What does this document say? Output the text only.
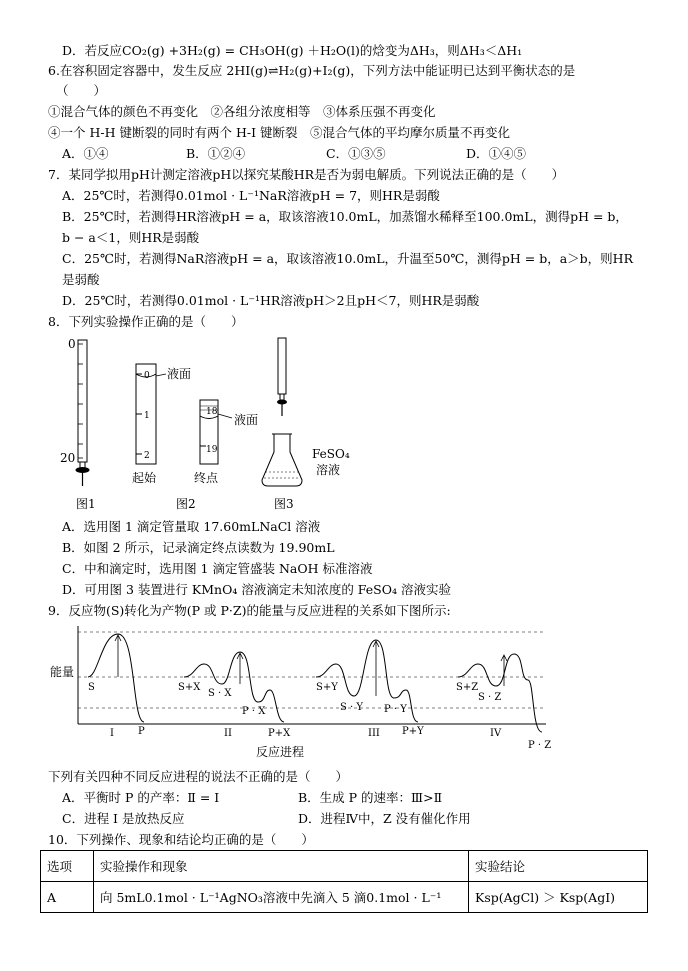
D．若反应CO₂(g) +3H₂(g) = CH₃OH(g) ＋H₂O(l)的焓变为ΔH₃，则ΔH₃＜ΔH₁
6.在容积固定容器中，发生反应 2HI(g)⇌H₂(g)+I₂(g)，下列方法中能证明已达到平衡状态的是
（　　）
①混合气体的颜色不再变化　②各组分浓度相等　③体系压强不再变化
④一个 H-H 键断裂的同时有两个 H-I 键断裂　⑤混合气体的平均摩尔质量不再变化
A．①④	B．①②④	C．①③⑤	D．①④⑤
7．某同学拟用pH计测定溶液pH以探究某酸HR是否为弱电解质。下列说法正确的是（　　）
A．25℃时，若测得0.01mol · L⁻¹NaR溶液pH = 7，则HR是弱酸
B．25℃时，若测得HR溶液pH = a，取该溶液10.0mL，加蒸馏水稀释至100.0mL，测得pH = b，
b − a＜1，则HR是弱酸
C．25℃时，若测得NaR溶液pH = a，取该溶液10.0mL，升温至50℃，测得pH = b，a＞b，则HR
是弱酸
D．25℃时，若测得0.01mol · L⁻¹HR溶液pH＞2且pH＜7，则HR是弱酸
8．下列实验操作正确的是（　　）
0
20
图1
0
1
2
液面
起始
18
19
液面
终点
图2
FeSO₄
溶液
图3
A．选用图 1 滴定管量取 17.60mLNaCl 溶液
B．如图 2 所示，记录滴定终点读数为 19.90mL
C．中和滴定时，选用图 1 滴定管盛装 NaOH 标准溶液
D．可用图 3 装置进行 KMnO₄ 溶液滴定未知浓度的 FeSO₄ 溶液实验
9．反应物(S)转化为产物(P 或 P·Z)的能量与反应进程的关系如下图所示:
能量
反应进程
S
P
I
S+X
S · X
P · X
P+X
II
S+Y
S · Y P · Y
P+Y
III
S+Z
S · Z
P · Z
IV
下列有关四种不同反应进程的说法不正确的是（　　）
A．平衡时 P 的产率：Ⅱ = Ⅰ	B．生成 P 的速率：Ⅲ>Ⅱ
C．进程 Ⅰ 是放热反应	D．进程Ⅳ中，Z 没有催化作用
10．下列操作、现象和结论均正确的是（　　）
选项	实验操作和现象	实验结论
A	向 5mL0.1mol · L⁻¹AgNO₃溶液中先滴入 5 滴0.1mol · L⁻¹	Ksp(AgCl) ＞ Ksp(AgI)
